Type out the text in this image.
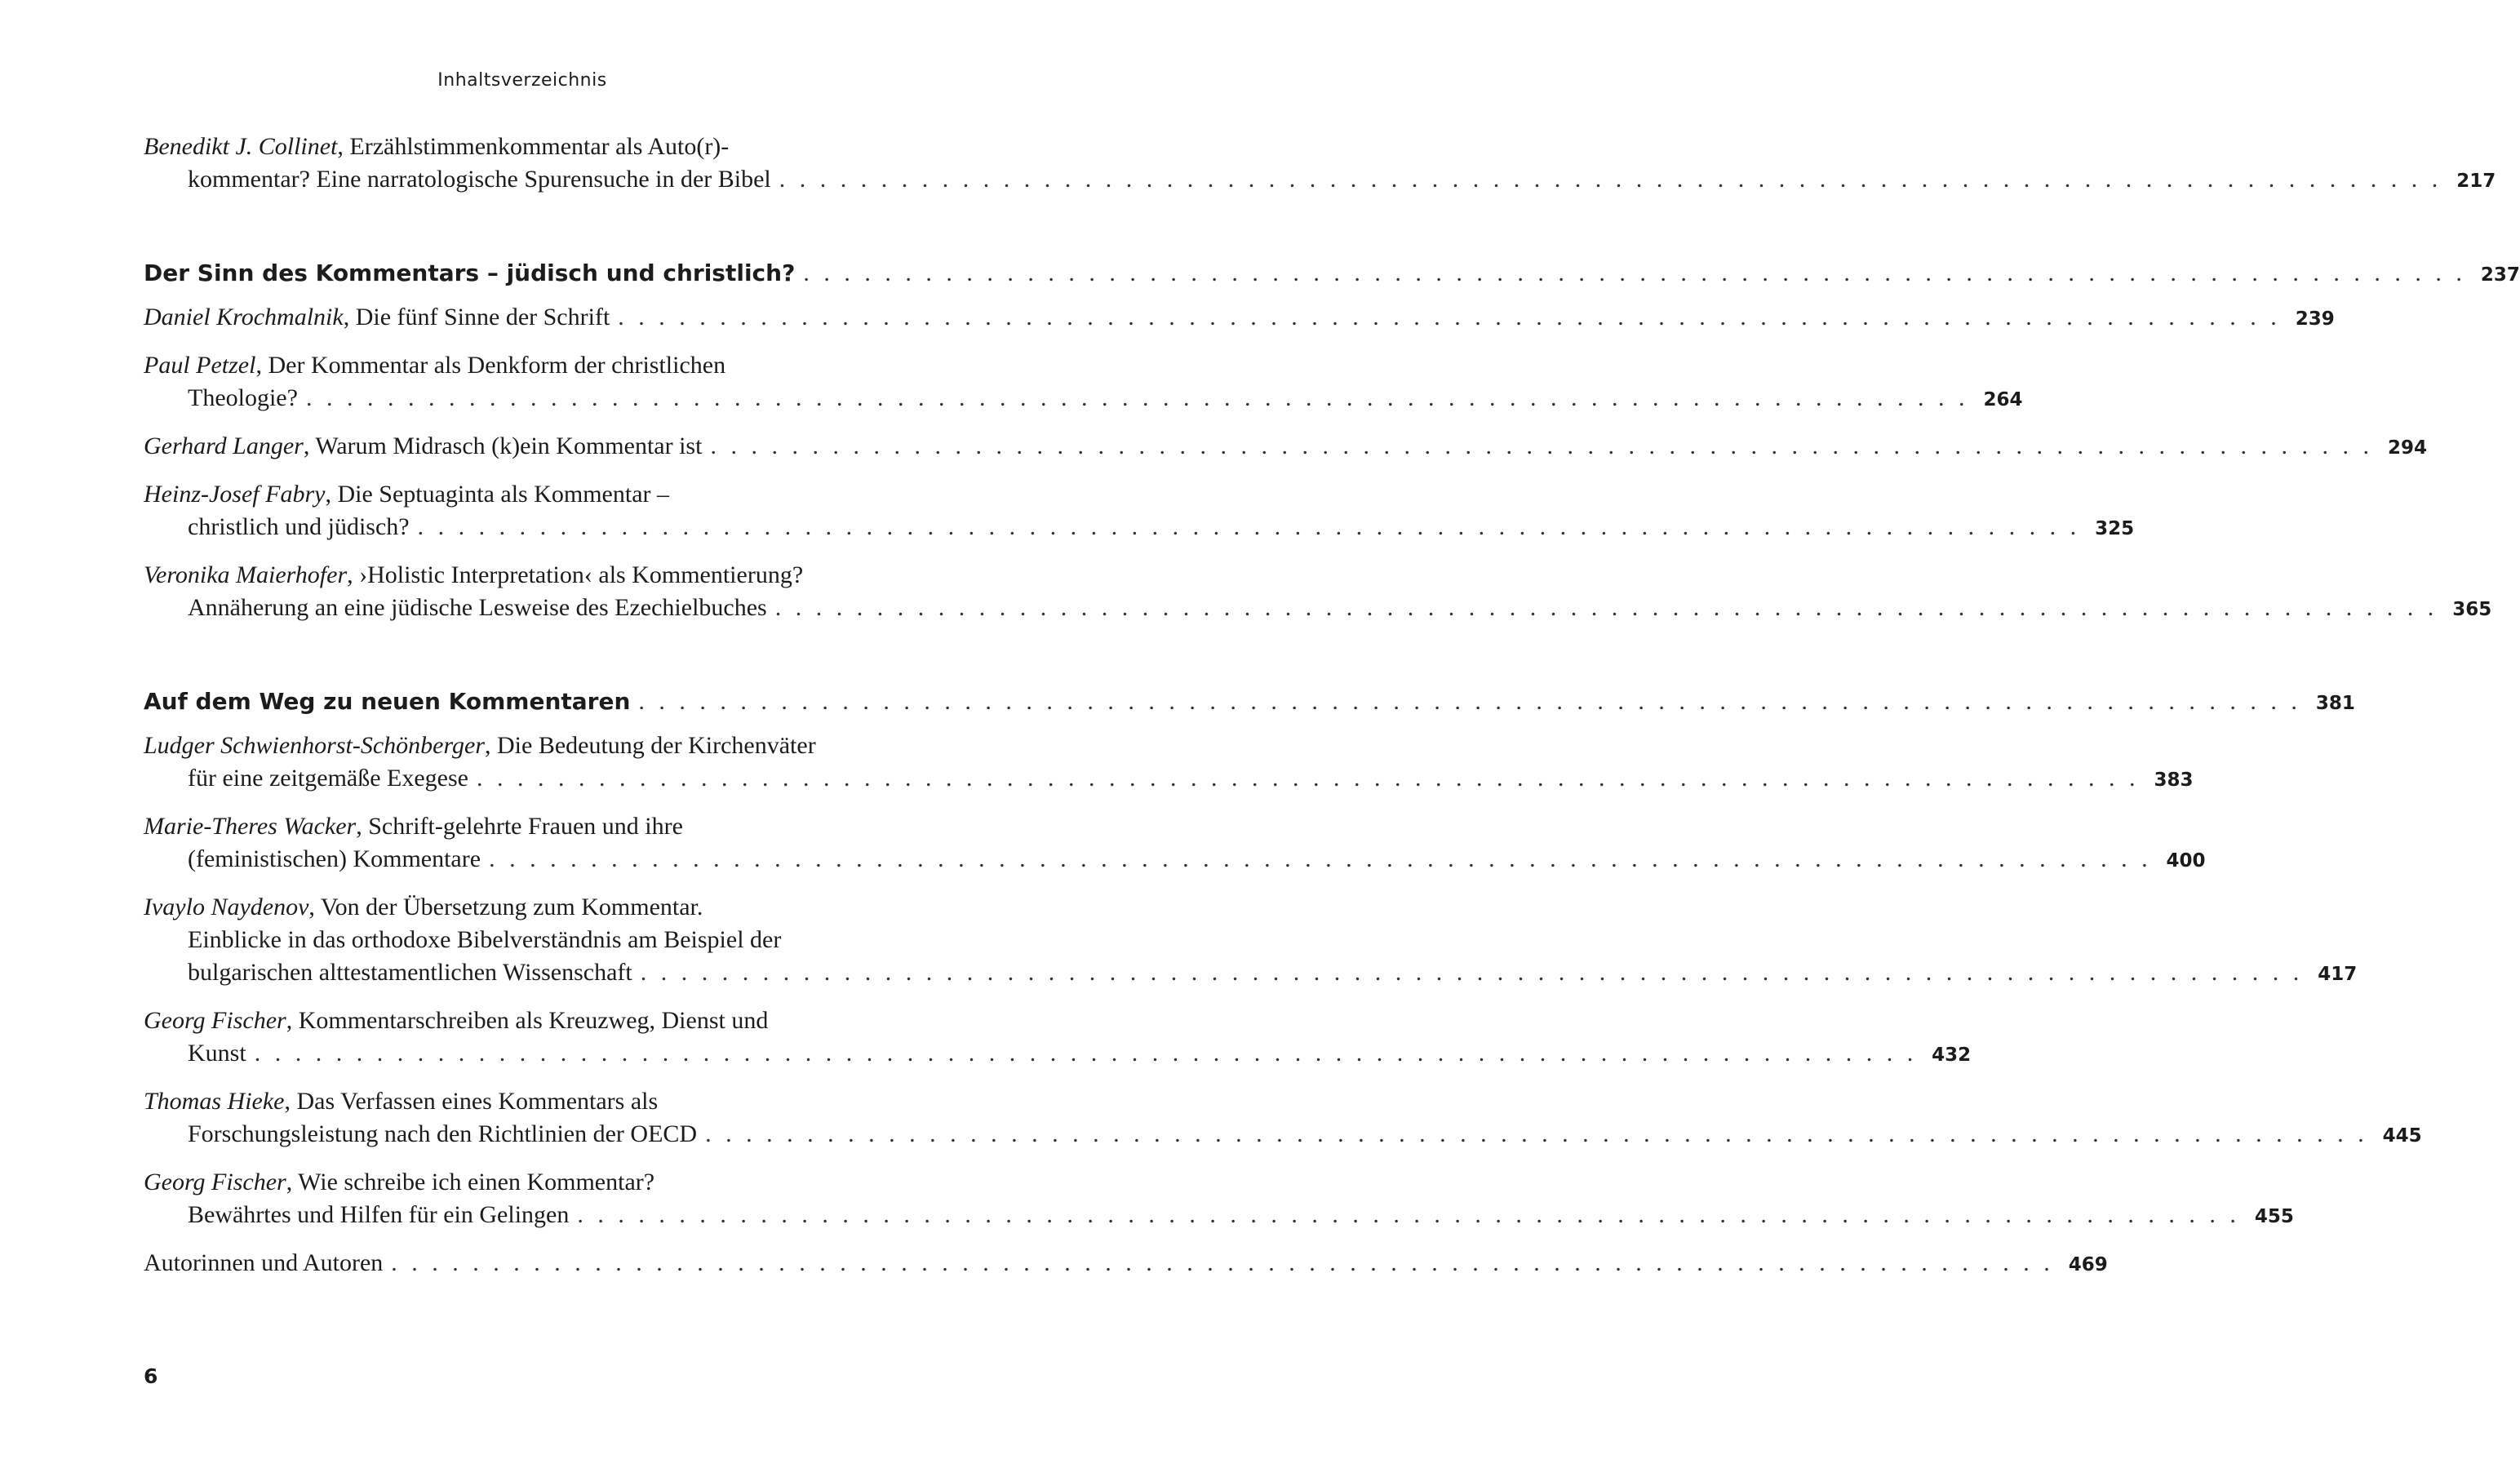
Inhaltsverzeichnis
Benedikt J. Collinet, Erzählstimmenkommentar als Auto(r)-
kommentar? Eine narratologische Spurensuche in der Bibel . . .	217
Der Sinn des Kommentars – jüdisch und christlich? . . .	237
Daniel Krochmalnik, Die fünf Sinne der Schrift . . .	239
Paul Petzel, Der Kommentar als Denkform der christlichen
Theologie? . . .	264
Gerhard Langer, Warum Midrasch (k)ein Kommentar ist . . .	294
Heinz-Josef Fabry, Die Septuaginta als Kommentar –
christlich und jüdisch? . . .	325
Veronika Maierhofer, ›Holistic Interpretation‹ als Kommentierung?
Annäherung an eine jüdische Lesweise des Ezechielbuches . . .	365
Auf dem Weg zu neuen Kommentaren . . .	381
Ludger Schwienhorst-Schönberger, Die Bedeutung der Kirchenväter
für eine zeitgemäße Exegese . . .	383
Marie-Theres Wacker, Schrift-gelehrte Frauen und ihre
(feministischen) Kommentare . . .	400
Ivaylo Naydenov, Von der Übersetzung zum Kommentar.
Einblicke in das orthodoxe Bibelverständnis am Beispiel der
bulgarischen alttestamentlichen Wissenschaft . . .	417
Georg Fischer, Kommentarschreiben als Kreuzweg, Dienst und
Kunst . . .	432
Thomas Hieke, Das Verfassen eines Kommentars als
Forschungsleistung nach den Richtlinien der OECD . . .	445
Georg Fischer, Wie schreibe ich einen Kommentar?
Bewährtes und Hilfen für ein Gelingen . . .	455
Autorinnen und Autoren . . .	469
6
